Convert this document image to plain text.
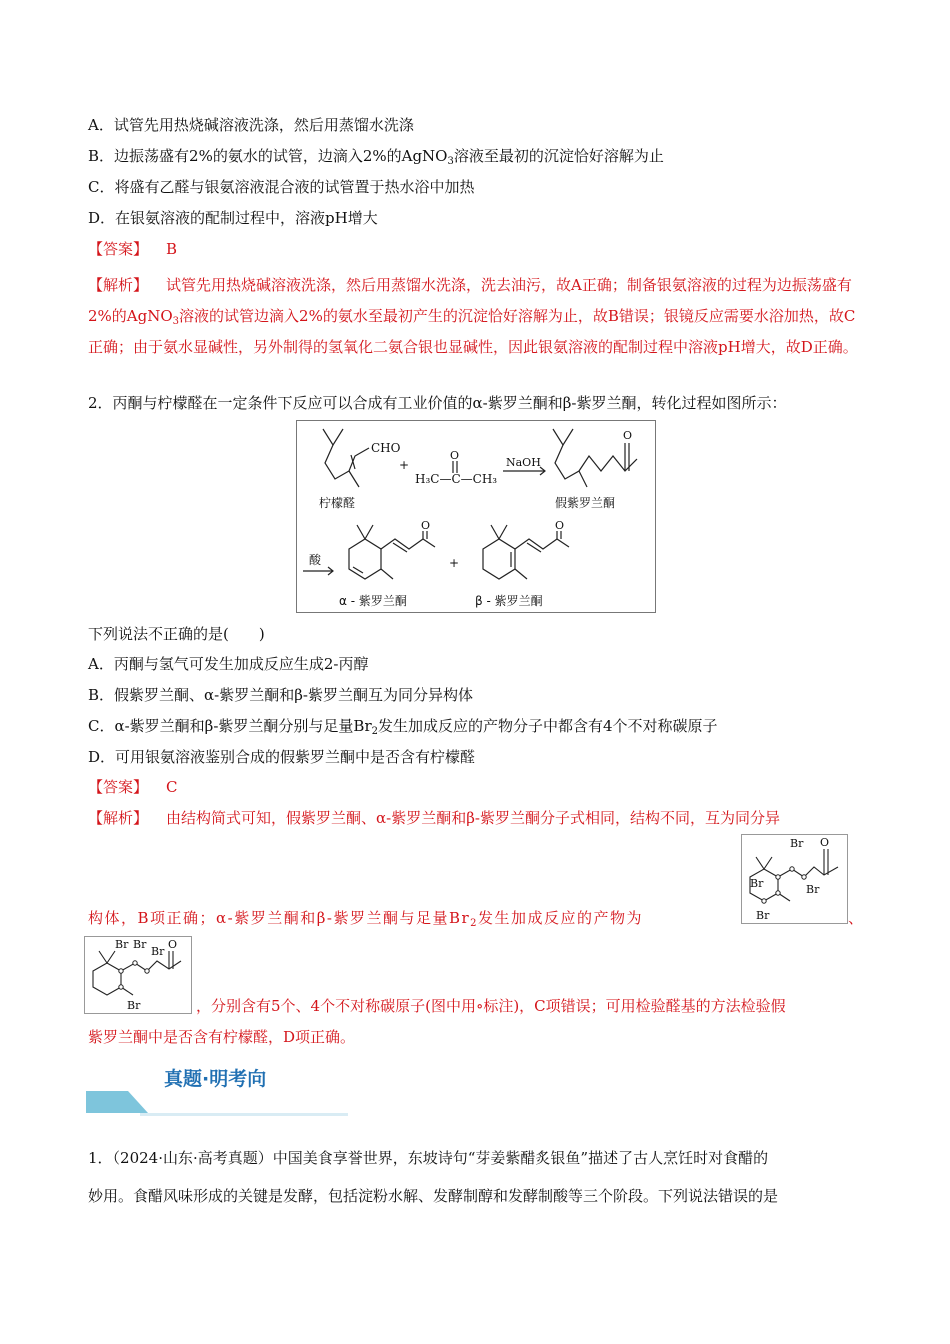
A．试管先用热烧碱溶液洗涤，然后用蒸馏水洗涤
B．边振荡盛有2%的氨水的试管，边滴入2%的AgNO$_3$溶液至最初的沉淀恰好溶解为止
C．将盛有乙醛与银氨溶液混合液的试管置于热水浴中加热
D．在银氨溶液的配制过程中，溶液pH增大
【答案】 B
【解析】 试管先用热烧碱溶液洗涤，然后用蒸馏水洗涤，洗去油污，故A正确；制备银氨溶液的过程为边振荡盛有2%的AgNO$_3$溶液的试管边滴入2%的氨水至最初产生的沉淀恰好溶解为止，故B错误；银镜反应需要水浴加热，故C正确；由于氨水显碱性，另外制得的氢氧化二氨合银也显碱性，因此银氨溶液的配制过程中溶液pH增大，故D正确。
2．丙酮与柠檬醛在一定条件下反应可以合成有工业价值的α-紫罗兰酮和β-紫罗兰酮，转化过程如图所示：
CHO
+
O
H₃C—C—CH₃
NaOH
O
柠檬醛	假紫罗兰酮
酸
O
+
O
α - 紫罗兰酮	β - 紫罗兰酮
下列说法不正确的是(　　)
A．丙酮与氢气可发生加成反应生成2-丙醇
B．假紫罗兰酮、α-紫罗兰酮和β-紫罗兰酮互为同分异构体
C．α-紫罗兰酮和β-紫罗兰酮分别与足量$Br_2$发生加成反应的产物分子中都含有4个不对称碳原子
D．可用银氨溶液鉴别合成的假紫罗兰酮中是否含有柠檬醛
【答案】 C
【解析】 由结构简式可知，假紫罗兰酮、α-紫罗兰酮和β-紫罗兰酮分子式相同，结构不同，互为同分异
构体，B项正确；α-紫罗兰酮和β-紫罗兰酮与足量$Br_2$发生加成反应的产物为	、
Br O
Br	Br
Br
Br Br
Br
O
Br	，分别含有5个、4个不对称碳原子(图中用∘标注)，C项错误；可用检验醛基的方法检验假
紫罗兰酮中是否含有柠檬醛，D项正确。
真题·明考向
1．（2024·山东·高考真题）中国美食享誉世界，东坡诗句“芽姜紫醋炙银鱼”描述了古人烹饪时对食醋的
妙用。食醋风味形成的关键是发酵，包括淀粉水解、发酵制醇和发酵制酸等三个阶段。下列说法错误的是
